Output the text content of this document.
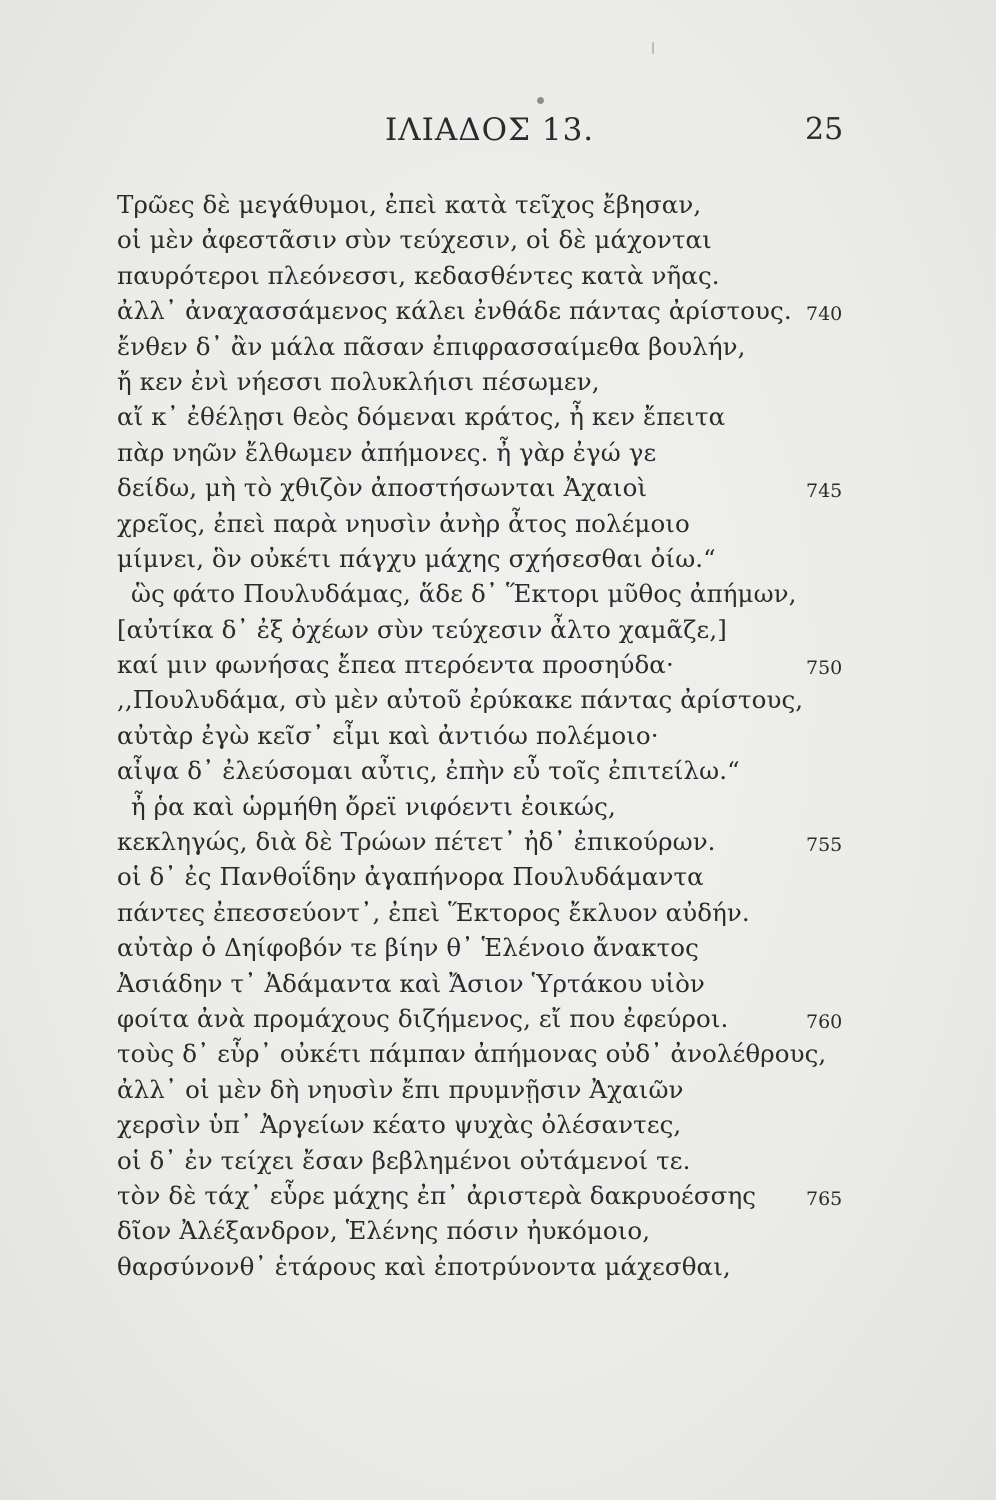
ΙΛΙΑΔΟΣ 13.	25
Τρῶες δὲ μεγάθυμοι, ἐπεὶ κατὰ τεῖχος ἔβησαν,
οἱ μὲν ἀφεστᾶσιν σὺν τεύχεσιν, οἱ δὲ μάχονται
παυρότεροι πλεόνεσσι, κεδασθέντες κατὰ νῆας.
ἀλλ᾽ ἀναχασσάμενος κάλει ἐνθάδε πάντας ἀρίστους. 740
ἔνθεν δ᾽ ἂν μάλα πᾶσαν ἐπιφρασσαίμεθα βουλήν,
ἤ κεν ἐνὶ νήεσσι πολυκλήισι πέσωμεν,
αἴ κ᾽ ἐθέλῃσι θεὸς δόμεναι κράτος, ἦ κεν ἔπειτα
πὰρ νηῶν ἔλθωμεν ἀπήμονες. ἦ γὰρ ἐγώ γε
δείδω, μὴ τὸ χθιζὸν ἀποστήσωνται Ἀχαιοὶ	745
χρεῖος, ἐπεὶ παρὰ νηυσὶν ἀνὴρ ἆτος πολέμοιο
μίμνει, ὃν οὐκέτι πάγχυ μάχης σχήσεσθαι ὀίω.“
ὣς φάτο Πουλυδάμας, ἅδε δ᾽ Ἕκτορι μῦθος ἀπήμων,
[αὐτίκα δ᾽ ἐξ ὀχέων σὺν τεύχεσιν ἆλτο χαμᾶζε,]
καί μιν φωνήσας ἔπεα πτερόεντα προσηύδα·	750
,,Πουλυδάμα, σὺ μὲν αὐτοῦ ἐρύκακε πάντας ἀρίστους,
αὐτὰρ ἐγὼ κεῖσ᾽ εἶμι καὶ ἀντιόω πολέμοιο·
αἶψα δ᾽ ἐλεύσομαι αὖτις, ἐπὴν εὖ τοῖς ἐπιτείλω.“
ἦ ῥα καὶ ὡρμήθη ὄρεϊ νιφόεντι ἐοικώς,
κεκληγώς, διὰ δὲ Τρώων πέτετ᾽ ἠδ᾽ ἐπικούρων.	755
οἱ δ᾽ ἐς Πανθοΐδην ἀγαπήνορα Πουλυδάμαντα
πάντες ἐπεσσεύοντ᾽, ἐπεὶ Ἕκτορος ἔκλυον αὐδήν.
αὐτὰρ ὁ Δηίφοβόν τε βίην θ᾽ Ἑλένοιο ἄνακτος
Ἀσιάδην τ᾽ Ἀδάμαντα καὶ Ἄσιον Ὑρτάκου υἱὸν
φοίτα ἀνὰ προμάχους διζήμενος, εἴ που ἐφεύροι.	760
τοὺς δ᾽ εὗρ᾽ οὐκέτι πάμπαν ἀπήμονας οὐδ᾽ ἀνολέθρους,
ἀλλ᾽ οἱ μὲν δὴ νηυσὶν ἔπι πρυμνῇσιν Ἀχαιῶν
χερσὶν ὑπ᾽ Ἀργείων κέατο ψυχὰς ὀλέσαντες,
οἱ δ᾽ ἐν τείχει ἔσαν βεβλημένοι οὐτάμενοί τε.
τὸν δὲ τάχ᾽ εὗρε μάχης ἐπ᾽ ἀριστερὰ δακρυοέσσης	765
δῖον Ἀλέξανδρον, Ἑλένης πόσιν ἠυκόμοιο,
θαρσύνονθ᾽ ἑτάρους καὶ ἐποτρύνοντα μάχεσθαι,
